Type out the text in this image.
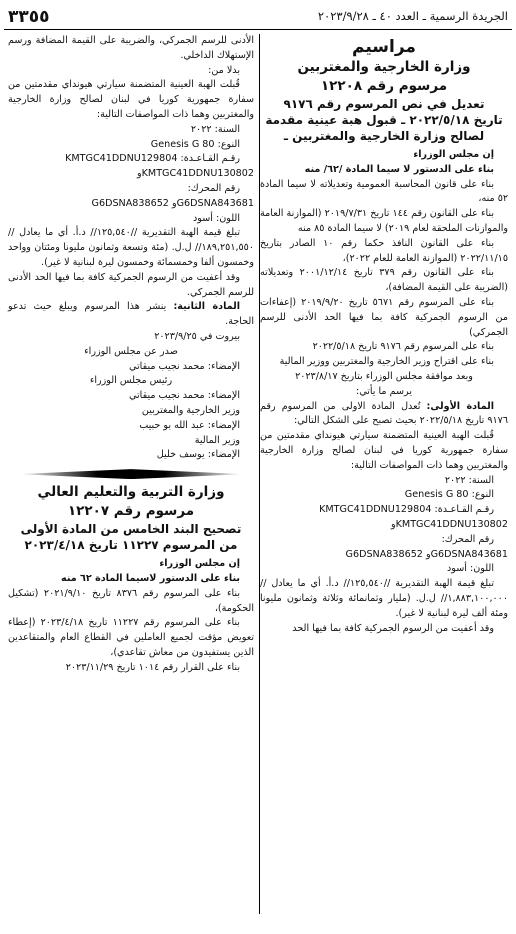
الجريدة الرسمية ـ العدد ٤٠ ـ ٢٠٢٣/٩/٢٨
٣٣٥٥
مراسيم
وزارة الخارجية والمغتربين
مرسوم رقم ١٢٢٠٨
تعديل في نص المرسوم رقم ٩١٧٦
تاريخ ٢٠٢٢/٥/١٨ ـ قبول هبة عينية مقدمة
لصالح وزارة الخارجية والمغتربين ـ

إن مجلس الوزراء

بناء على الدستور لا سيما المادة /٦٢/ منه

بناء على قانون المحاسبة العمومية وتعديلاته لا سيما المادة ٥٢ منه،

بناء على القانون رقم ١٤٤ تاريخ ٢٠١٩/٧/٣١ (الموازنة العامة والموازنات الملحقة لعام ٢٠١٩) لا سيما المادة ٨٥ منه

بناء على القانون النافذ حكما رقم ١٠ الصادر بتاريخ ٢٠٢٢/١١/١٥ (الموازنة العامة للعام ٢٠٢٢)،

بناء على القانون رقم ٣٧٩ تاريخ ٢٠٠١/١٢/١٤ وتعديلاته (الضريبة على القيمة المضافة)،

بناء على المرسوم رقم ٥٦٧١ تاريخ ٢٠١٩/٩/٢٠ (إعفاءات من الرسوم الجمركية كافة بما فيها الحد الأدنى للرسم الجمركي)

بناء على المرسوم رقم ٩١٧٦ تاريخ ٢٠٢٢/٥/١٨

بناء على اقتراح وزير الخارجية والمغتربين ووزير المالية

وبعد موافقة مجلس الوزراء بتاريخ ٢٠٢٣/٨/١٧

يرسم ما يأتي:

المادة الأولى: تُعدل المادة الاولى من المرسوم رقم ٩١٧٦ تاريخ ٢٠٢٢/٥/١٨ بحيث تصبح على الشكل التالي:

قُبلت الهبة العينية المتضمنة سيارتي هيونداي مقدمتين من سفارة جمهورية كوريا في لبنان لصالح وزارة الخارجية والمغتربين وهما ذات المواصفات التالية:

السنة: ٢٠٢٢

النوع: Genesis G 80

رقـم القـاعـدة: KMTGC41DDNU129804

KMTGC41DDNU130802و

رقم المحرك:

G6DSNA843681و G6DSNA838652

اللون: أسود

تبلغ قيمة الهبة التقديرية //١٢٥,٥٤٠// د.أ. أي ما يعادل //١,٨٨٣,١٠٠,٠٠٠// ل.ل. (مليار وثمانمائة وثلاثة وثمانون مليونا ومئة ألف ليرة لبنانية لا غير).

وقد أعفيت من الرسوم الجمركية كافة بما فيها الحد

الأدنى للرسم الجمركي، والضريبة على القيمة المضافة ورسم الإستهلاك الداخلي.

بدلا من:

قُبلت الهبة العينية المتضمنة سيارتي هيونداي مقدمتين من سفارة جمهورية كوريا في لبنان لصالح وزارة الخارجية والمغتربين وهما ذات المواصفات التالية:

السنة: ٢٠٢٢

النوع: Genesis G 80

رقـم القـاعـدة: KMTGC41DDNU129804

KMTGC41DDNU130802و

رقم المحرك:

G6DSNA843681و G6DSNA838652

اللون: أسود

تبلغ قيمة الهبة التقديرية //١٢٥,٥٤٠// د.أ. أي ما يعادل //١٨٩,٢٥١,٥٥٠// ل.ل. (مئة وتسعة وثمانون مليونا ومئتان وواحد وخمسون ألفا وخمسمائة وخمسون ليرة لبنانية لا غير).

وقد أعفيت من الرسوم الجمركية كافة بما فيها الحد الأدنى للرسم الجمركي.

المادة الثانية: ينشر هذا المرسوم ويبلغ حيث تدعو الحاجة.

بيروت في ٢٠٢٣/٩/٢٥

صدر عن مجلس الوزراء

الإمضاء: محمد نجيب ميقاتي

رئيس مجلس الوزراء

الإمضاء: محمد نجيب ميقاتي

وزير الخارجية والمغتربين

الإمضاء: عبد الله بو حبيب

وزير المالية

الإمضاء: يوسف خليل

وزارة التربية والتعليم العالي
مرسوم رقم ١٢٢٠٧
تصحيح البند الخامس من المادة الأولى
من المرسوم ١١٢٢٧ تاريخ ٢٠٢٣/٤/١٨

إن مجلس الوزراء

بناء على الدستور لاسيما المادة ٦٢ منه

بناء على المرسوم رقم ٨٣٧٦ تاريخ ٢٠٢١/٩/١٠ (تشكيل الحكومة)،

بناء على المرسوم رقم ١١٢٢٧ تاريخ ٢٠٢٣/٤/١٨ (إعطاء تعويض مؤقت لجميع العاملين في القطاع العام والمتقاعدين الذين يستفيدون من معاش تقاعدي)،

بناء على القرار رقم ١٠١٤ تاريخ ٢٠٢٣/١١/٢٩
